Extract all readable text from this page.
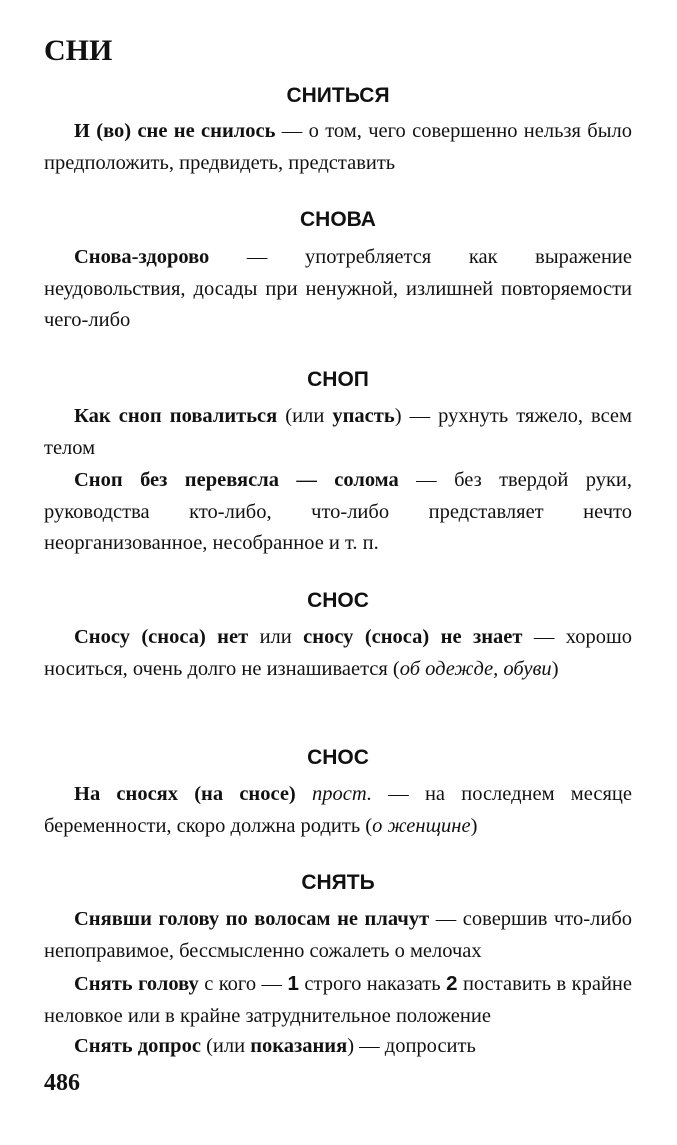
СНИ
СНИТЬСЯ

И (во) сне не снилось — о том, чего совершенно нельзя было предположить, предвидеть, представить

СНОВА

Снова-здорово — употребляется как выражение неудовольствия, досады при ненужной, излишней повторяемости чего-либо

СНОП

Как сноп повалиться (или упасть) — рухнуть тяжело, всем телом

Сноп без перевясла — солома — без твердой руки, руководства кто-либо, что-либо представляет нечто неорганизованное, несобранное и т. п.

СНОС

Сносу (сноса) нет или сносу (сноса) не знает — хорошо носиться, очень долго не изнашивается (об одежде, обуви)

СНОС

На сносях (на сносе) прост. — на последнем месяце беременности, скоро должна родить (о женщине)

СНЯТЬ

Снявши голову по волосам не плачут — совершив что-либо непоправимое, бессмысленно сожалеть о мелочах

Снять голову с кого — 1 строго наказать 2 поставить в крайне неловкое или в крайне затруднительное положение

Снять допрос (или показания) — допросить

486
